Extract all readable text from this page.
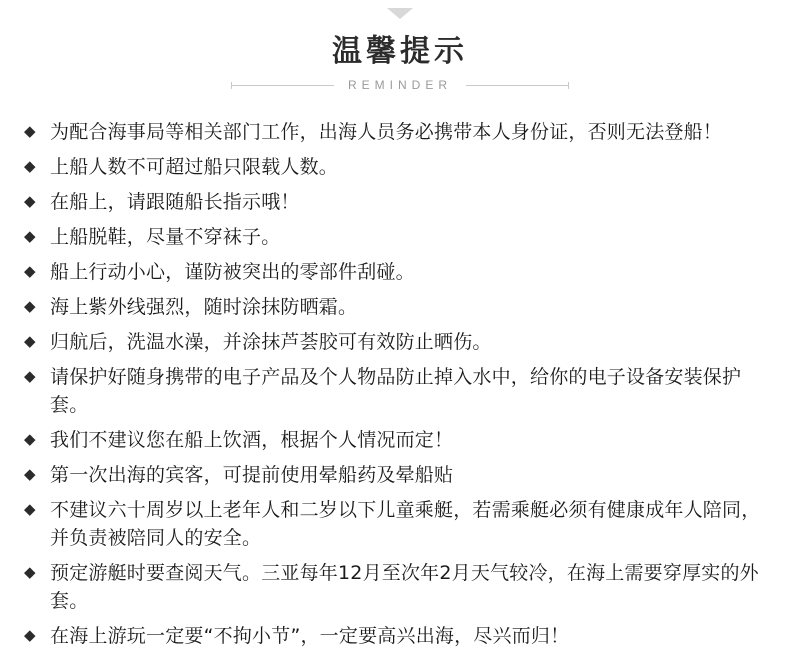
温馨提示
REMINDER
◆ 为配合海事局等相关部门工作，出海人员务必携带本人身份证，否则无法登船！
◆ 上船人数不可超过船只限载人数。
◆ 在船上，请跟随船长指示哦！
◆ 上船脱鞋，尽量不穿袜子。
◆ 船上行动小心，谨防被突出的零部件刮碰。
◆ 海上紫外线强烈，随时涂抹防晒霜。
◆ 归航后，洗温水澡，并涂抹芦荟胶可有效防止晒伤。
◆ 请保护好随身携带的电子产品及个人物品防止掉入水中，给你的电子设备安装保护套。
◆ 我们不建议您在船上饮酒，根据个人情况而定！
◆ 第一次出海的宾客，可提前使用晕船药及晕船贴
◆ 不建议六十周岁以上老年人和二岁以下儿童乘艇，若需乘艇必须有健康成年人陪同，并负责被陪同人的安全。
◆ 预定游艇时要查阅天气。三亚每年12月至次年2月天气较冷，在海上需要穿厚实的外套。
◆ 在海上游玩一定要“不拘小节”，一定要高兴出海，尽兴而归！
